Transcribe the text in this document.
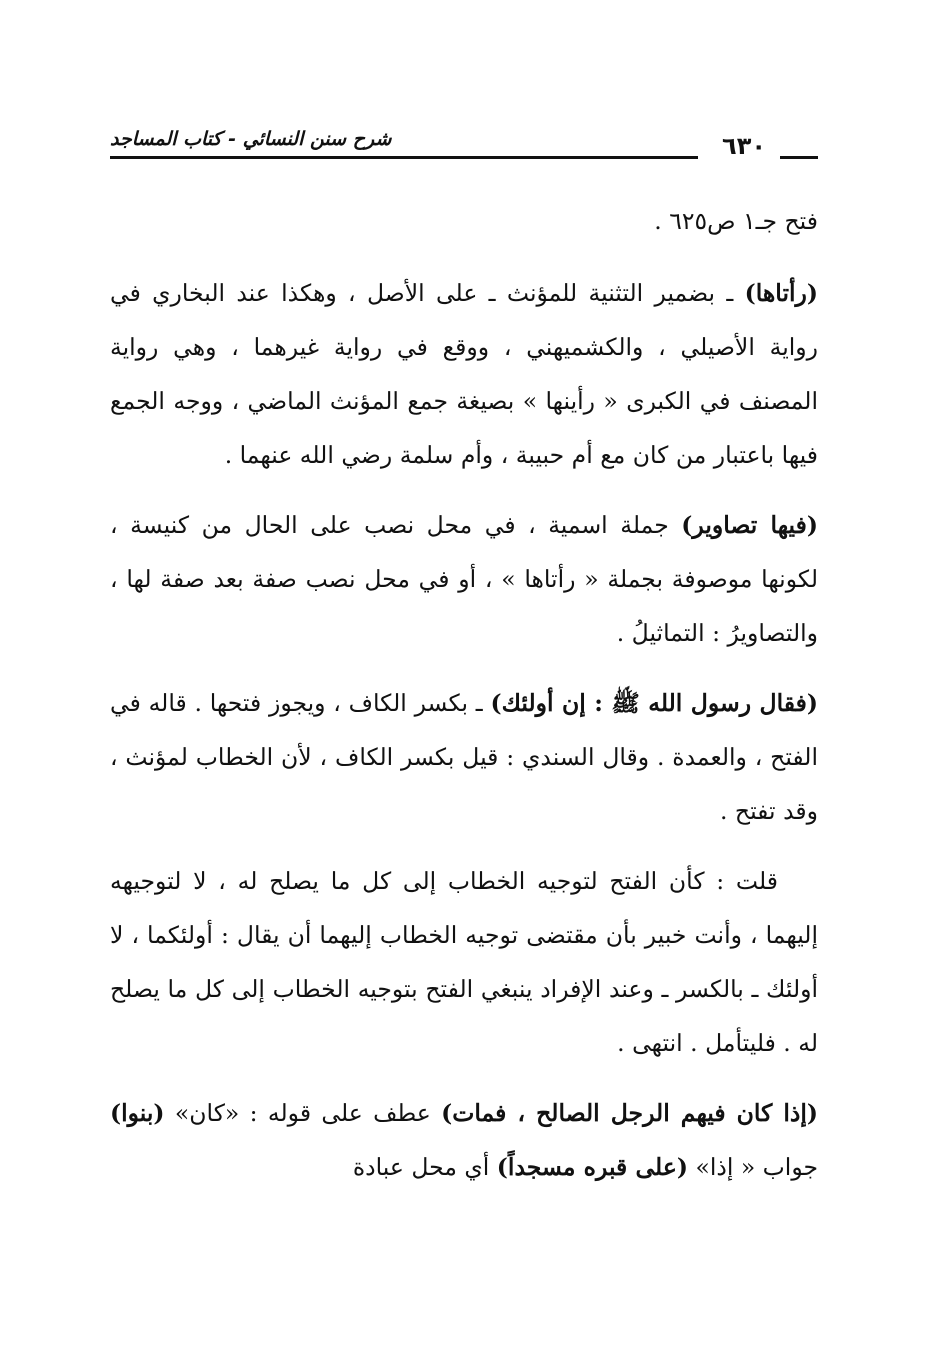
شرح سنن النسائي - كتاب المساجد	٦٣٠

فتح جـ١ ص٦٢٥ .

(رأتاها) ـ بضمير التثنية للمؤنث ـ على الأصل ، وهكذا عند البخاري في رواية الأصيلي ، والكشميهني ، ووقع في رواية غيرهما ، وهي رواية المصنف في الكبرى « رأينها » بصيغة جمع المؤنث الماضي ، ووجه الجمع فيها باعتبار من كان مع أم حبيبة ، وأم سلمة رضي الله عنهما .

(فيها تصاوير) جملة اسمية ، في محل نصب على الحال من كنيسة ، لكونها موصوفة بجملة « رأتاها » ، أو في محل نصب صفة بعد صفة لها ، والتصاويرُ : التماثيلُ .

(فقال رسول الله ﷺ : إن أولئك) ـ بكسر الكاف ، ويجوز فتحها . قاله في الفتح ، والعمدة . وقال السندي : قيل بكسر الكاف ، لأن الخطاب لمؤنث ، وقد تفتح .

قلت : كأن الفتح لتوجيه الخطاب إلى كل ما يصلح له ، لا لتوجيهه إليهما ، وأنت خبير بأن مقتضى توجيه الخطاب إليهما أن يقال : أولئكما ، لا أولئك ـ بالكسر ـ وعند الإفراد ينبغي الفتح بتوجيه الخطاب إلى كل ما يصلح له . فليتأمل . انتهى .

(إذا كان فيهم الرجل الصالح ، فمات) عطف على قوله : «كان» (بنوا) جواب « إذا» (على قبره مسجداً) أي محل عبادة
